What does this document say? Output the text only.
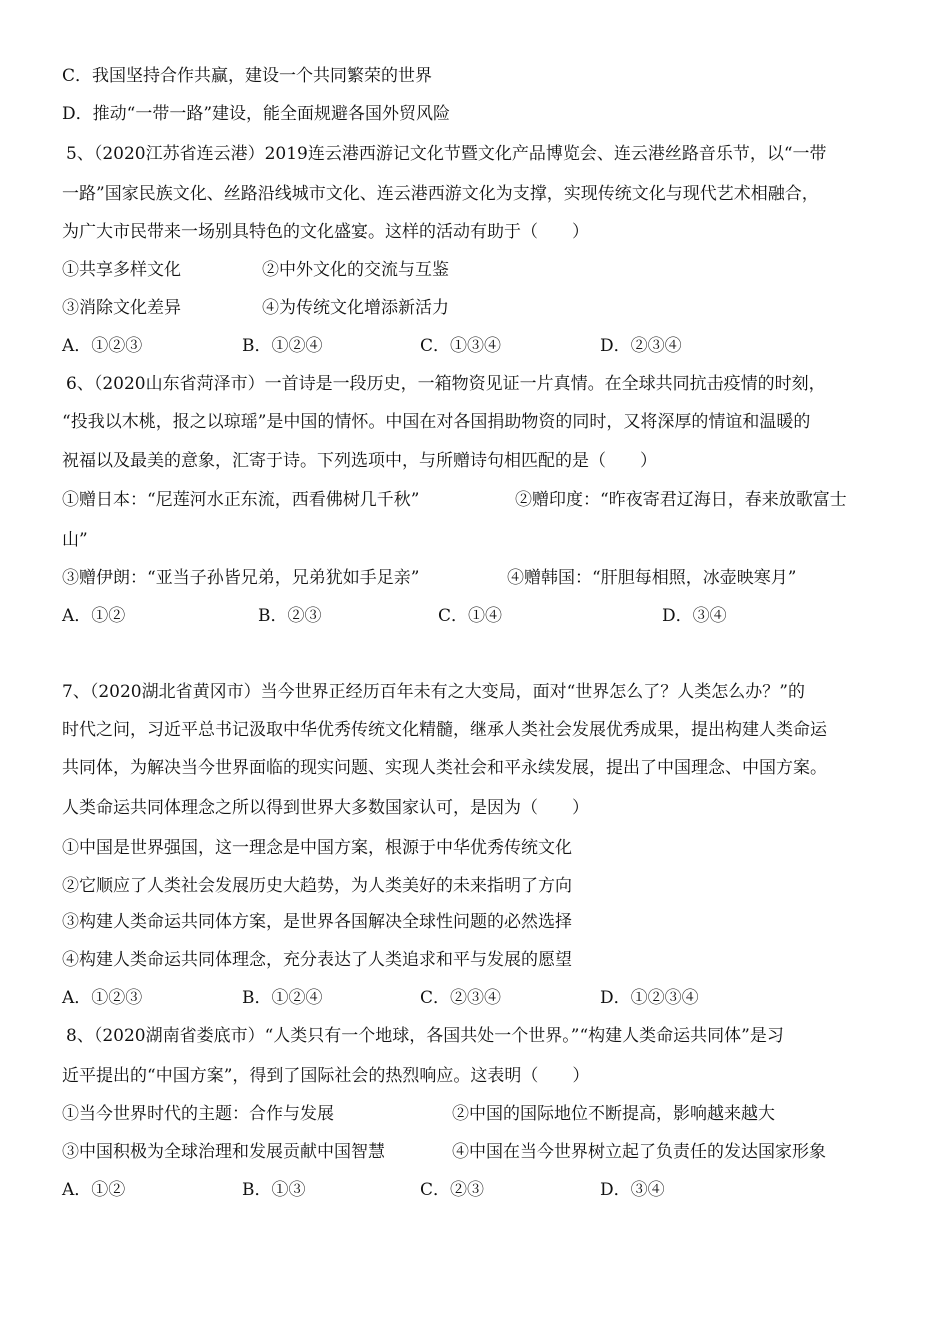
C．我国坚持合作共赢，建设一个共同繁荣的世界
D．推动“一带一路”建设，能全面规避各国外贸风险
5、（2020江苏省连云港）2019连云港西游记文化节暨文化产品博览会、连云港丝路音乐节，以“一带
一路”国家民族文化、丝路沿线城市文化、连云港西游文化为支撑，实现传统文化与现代艺术相融合，
为广大市民带来一场别具特色的文化盛宴。这样的活动有助于（　　）
①共享多样文化	②中外文化的交流与互鉴
③消除文化差异	④为传统文化增添新活力
A．①②③	B．①②④	C．①③④	D．②③④
6、（2020山东省菏泽市）一首诗是一段历史，一箱物资见证一片真情。在全球共同抗击疫情的时刻，
“投我以木桃，报之以琼瑶”是中国的情怀。中国在对各国捐助物资的同时，又将深厚的情谊和温暖的
祝福以及最美的意象，汇寄于诗。下列选项中，与所赠诗句相匹配的是（　　）
①赠日本：“尼莲河水正东流，西看佛树几千秋”	②赠印度：“昨夜寄君辽海日，春来放歌富士
山”
③赠伊朗：“亚当子孙皆兄弟，兄弟犹如手足亲”	④赠韩国：“肝胆每相照，冰壶映寒月”
A．①②	B．②③	C．①④	D．③④
7、（2020湖北省黄冈市）当今世界正经历百年未有之大变局，面对“世界怎么了？人类怎么办？”的
时代之问，习近平总书记汲取中华优秀传统文化精髓，继承人类社会发展优秀成果，提出构建人类命运
共同体，为解决当今世界面临的现实问题、实现人类社会和平永续发展，提出了中国理念、中国方案。
人类命运共同体理念之所以得到世界大多数国家认可，是因为（　　）
①中国是世界强国，这一理念是中国方案，根源于中华优秀传统文化
②它顺应了人类社会发展历史大趋势，为人类美好的未来指明了方向
③构建人类命运共同体方案，是世界各国解决全球性问题的必然选择
④构建人类命运共同体理念，充分表达了人类追求和平与发展的愿望
A．①②③	B．①②④	C．②③④	D．①②③④
8、（2020湖南省娄底市）“人类只有一个地球，各国共处一个世界。”“构建人类命运共同体”是习
近平提出的“中国方案”，得到了国际社会的热烈响应。这表明（　　）
①当今世界时代的主题：合作与发展	②中国的国际地位不断提高，影响越来越大
③中国积极为全球治理和发展贡献中国智慧	④中国在当今世界树立起了负责任的发达国家形象
A．①②	B．①③	C．②③	D．③④
